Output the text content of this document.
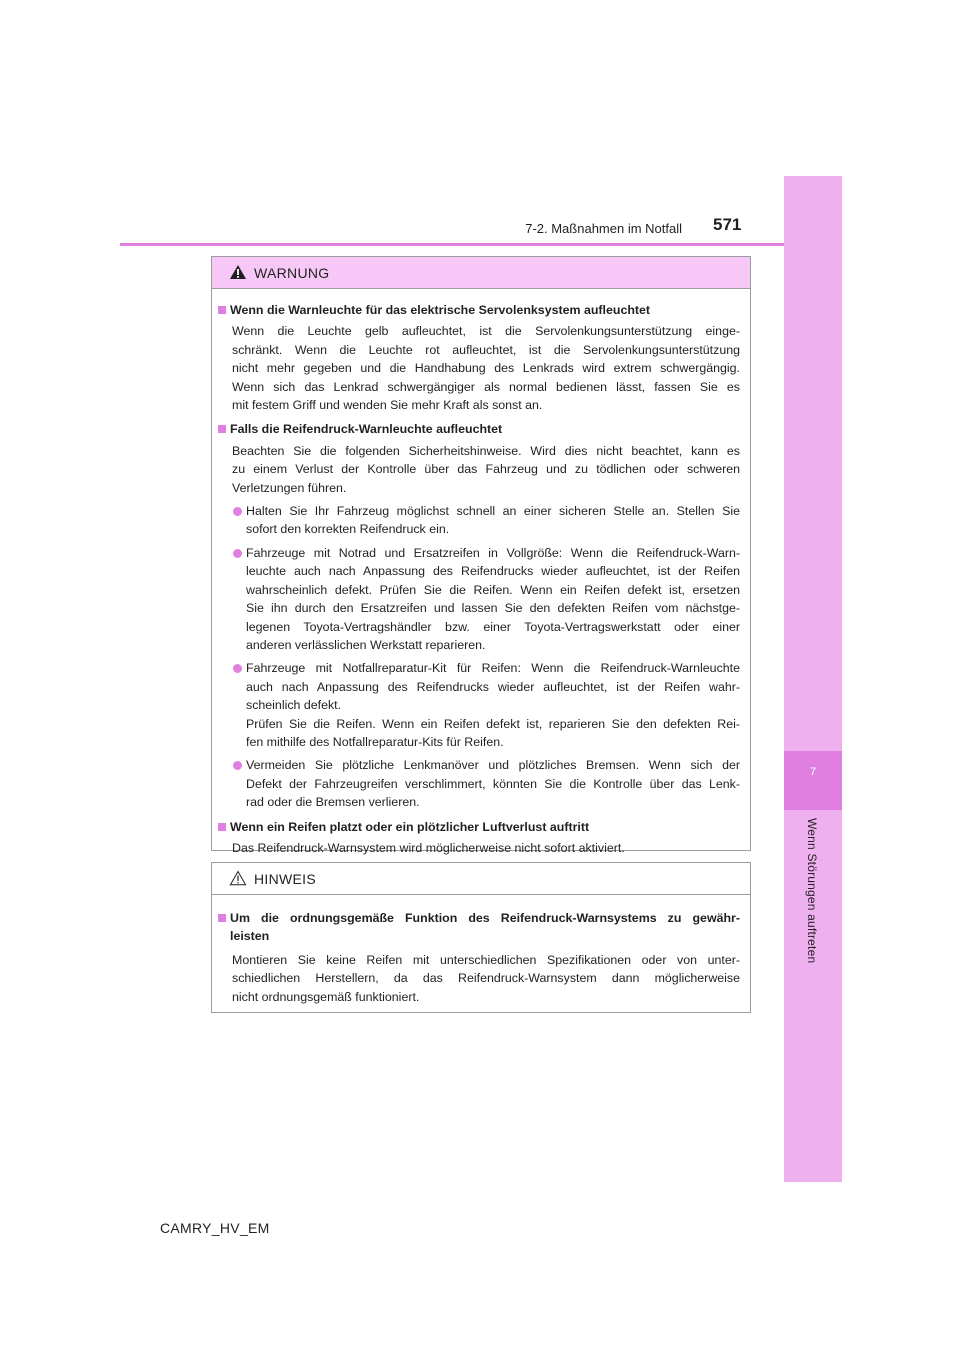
7
Wenn Störungen auftreten
7-2. Maßnahmen im Notfall 571
WARNUNG
Wenn die Warnleuchte für das elektrische Servolenksystem aufleuchtet
Wenn die Leuchte gelb aufleuchtet, ist die Servolenkungsunterstützung einge-
schränkt. Wenn die Leuchte rot aufleuchtet, ist die Servolenkungsunterstützung
nicht mehr gegeben und die Handhabung des Lenkrads wird extrem schwergängig.
Wenn sich das Lenkrad schwergängiger als normal bedienen lässt, fassen Sie es
mit festem Griff und wenden Sie mehr Kraft als sonst an.
Falls die Reifendruck-Warnleuchte aufleuchtet
Beachten Sie die folgenden Sicherheitshinweise. Wird dies nicht beachtet, kann es
zu einem Verlust der Kontrolle über das Fahrzeug und zu tödlichen oder schweren
Verletzungen führen.
Halten Sie Ihr Fahrzeug möglichst schnell an einer sicheren Stelle an. Stellen Sie
sofort den korrekten Reifendruck ein.
Fahrzeuge mit Notrad und Ersatzreifen in Vollgröße: Wenn die Reifendruck-Warn-
leuchte auch nach Anpassung des Reifendrucks wieder aufleuchtet, ist der Reifen
wahrscheinlich defekt. Prüfen Sie die Reifen. Wenn ein Reifen defekt ist, ersetzen
Sie ihn durch den Ersatzreifen und lassen Sie den defekten Reifen vom nächstge-
legenen Toyota-Vertragshändler bzw. einer Toyota-Vertragswerkstatt oder einer
anderen verlässlichen Werkstatt reparieren.
Fahrzeuge mit Notfallreparatur-Kit für Reifen: Wenn die Reifendruck-Warnleuchte
auch nach Anpassung des Reifendrucks wieder aufleuchtet, ist der Reifen wahr-
scheinlich defekt.
Prüfen Sie die Reifen. Wenn ein Reifen defekt ist, reparieren Sie den defekten Rei-
fen mithilfe des Notfallreparatur-Kits für Reifen.
Vermeiden Sie plötzliche Lenkmanöver und plötzliches Bremsen. Wenn sich der
Defekt der Fahrzeugreifen verschlimmert, könnten Sie die Kontrolle über das Lenk-
rad oder die Bremsen verlieren.
Wenn ein Reifen platzt oder ein plötzlicher Luftverlust auftritt
Das Reifendruck-Warnsystem wird möglicherweise nicht sofort aktiviert.
HINWEIS
Um die ordnungsgemäße Funktion des Reifendruck-Warnsystems zu gewähr-
leisten
Montieren Sie keine Reifen mit unterschiedlichen Spezifikationen oder von unter-
schiedlichen Herstellern, da das Reifendruck-Warnsystem dann möglicherweise
nicht ordnungsgemäß funktioniert.
CAMRY_HV_EM
